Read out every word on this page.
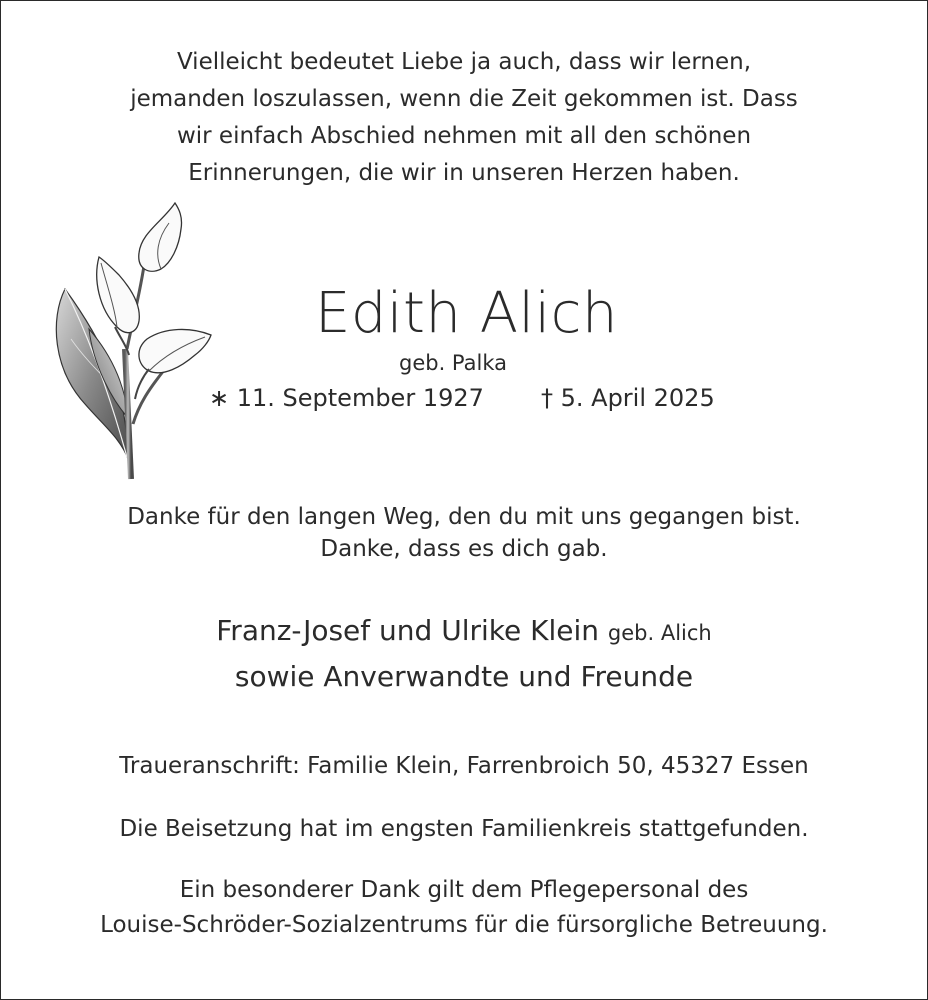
Vielleicht bedeutet Liebe ja auch, dass wir lernen,
jemanden loszulassen, wenn die Zeit gekommen ist. Dass
wir einfach Abschied nehmen mit all den schönen
Erinnerungen, die wir in unseren Herzen haben.
Edith Alich
geb. Palka
∗ 11. September 1927 † 5. April 2025
Danke für den langen Weg, den du mit uns gegangen bist.
Danke, dass es dich gab.
Franz-Josef und Ulrike Klein geb. Alich
sowie Anverwandte und Freunde
Traueranschrift: Familie Klein, Farrenbroich 50, 45327 Essen
Die Beisetzung hat im engsten Familienkreis stattgefunden.
Ein besonderer Dank gilt dem Pflegepersonal des
Louise-Schröder-Sozialzentrums für die fürsorgliche Betreuung.
